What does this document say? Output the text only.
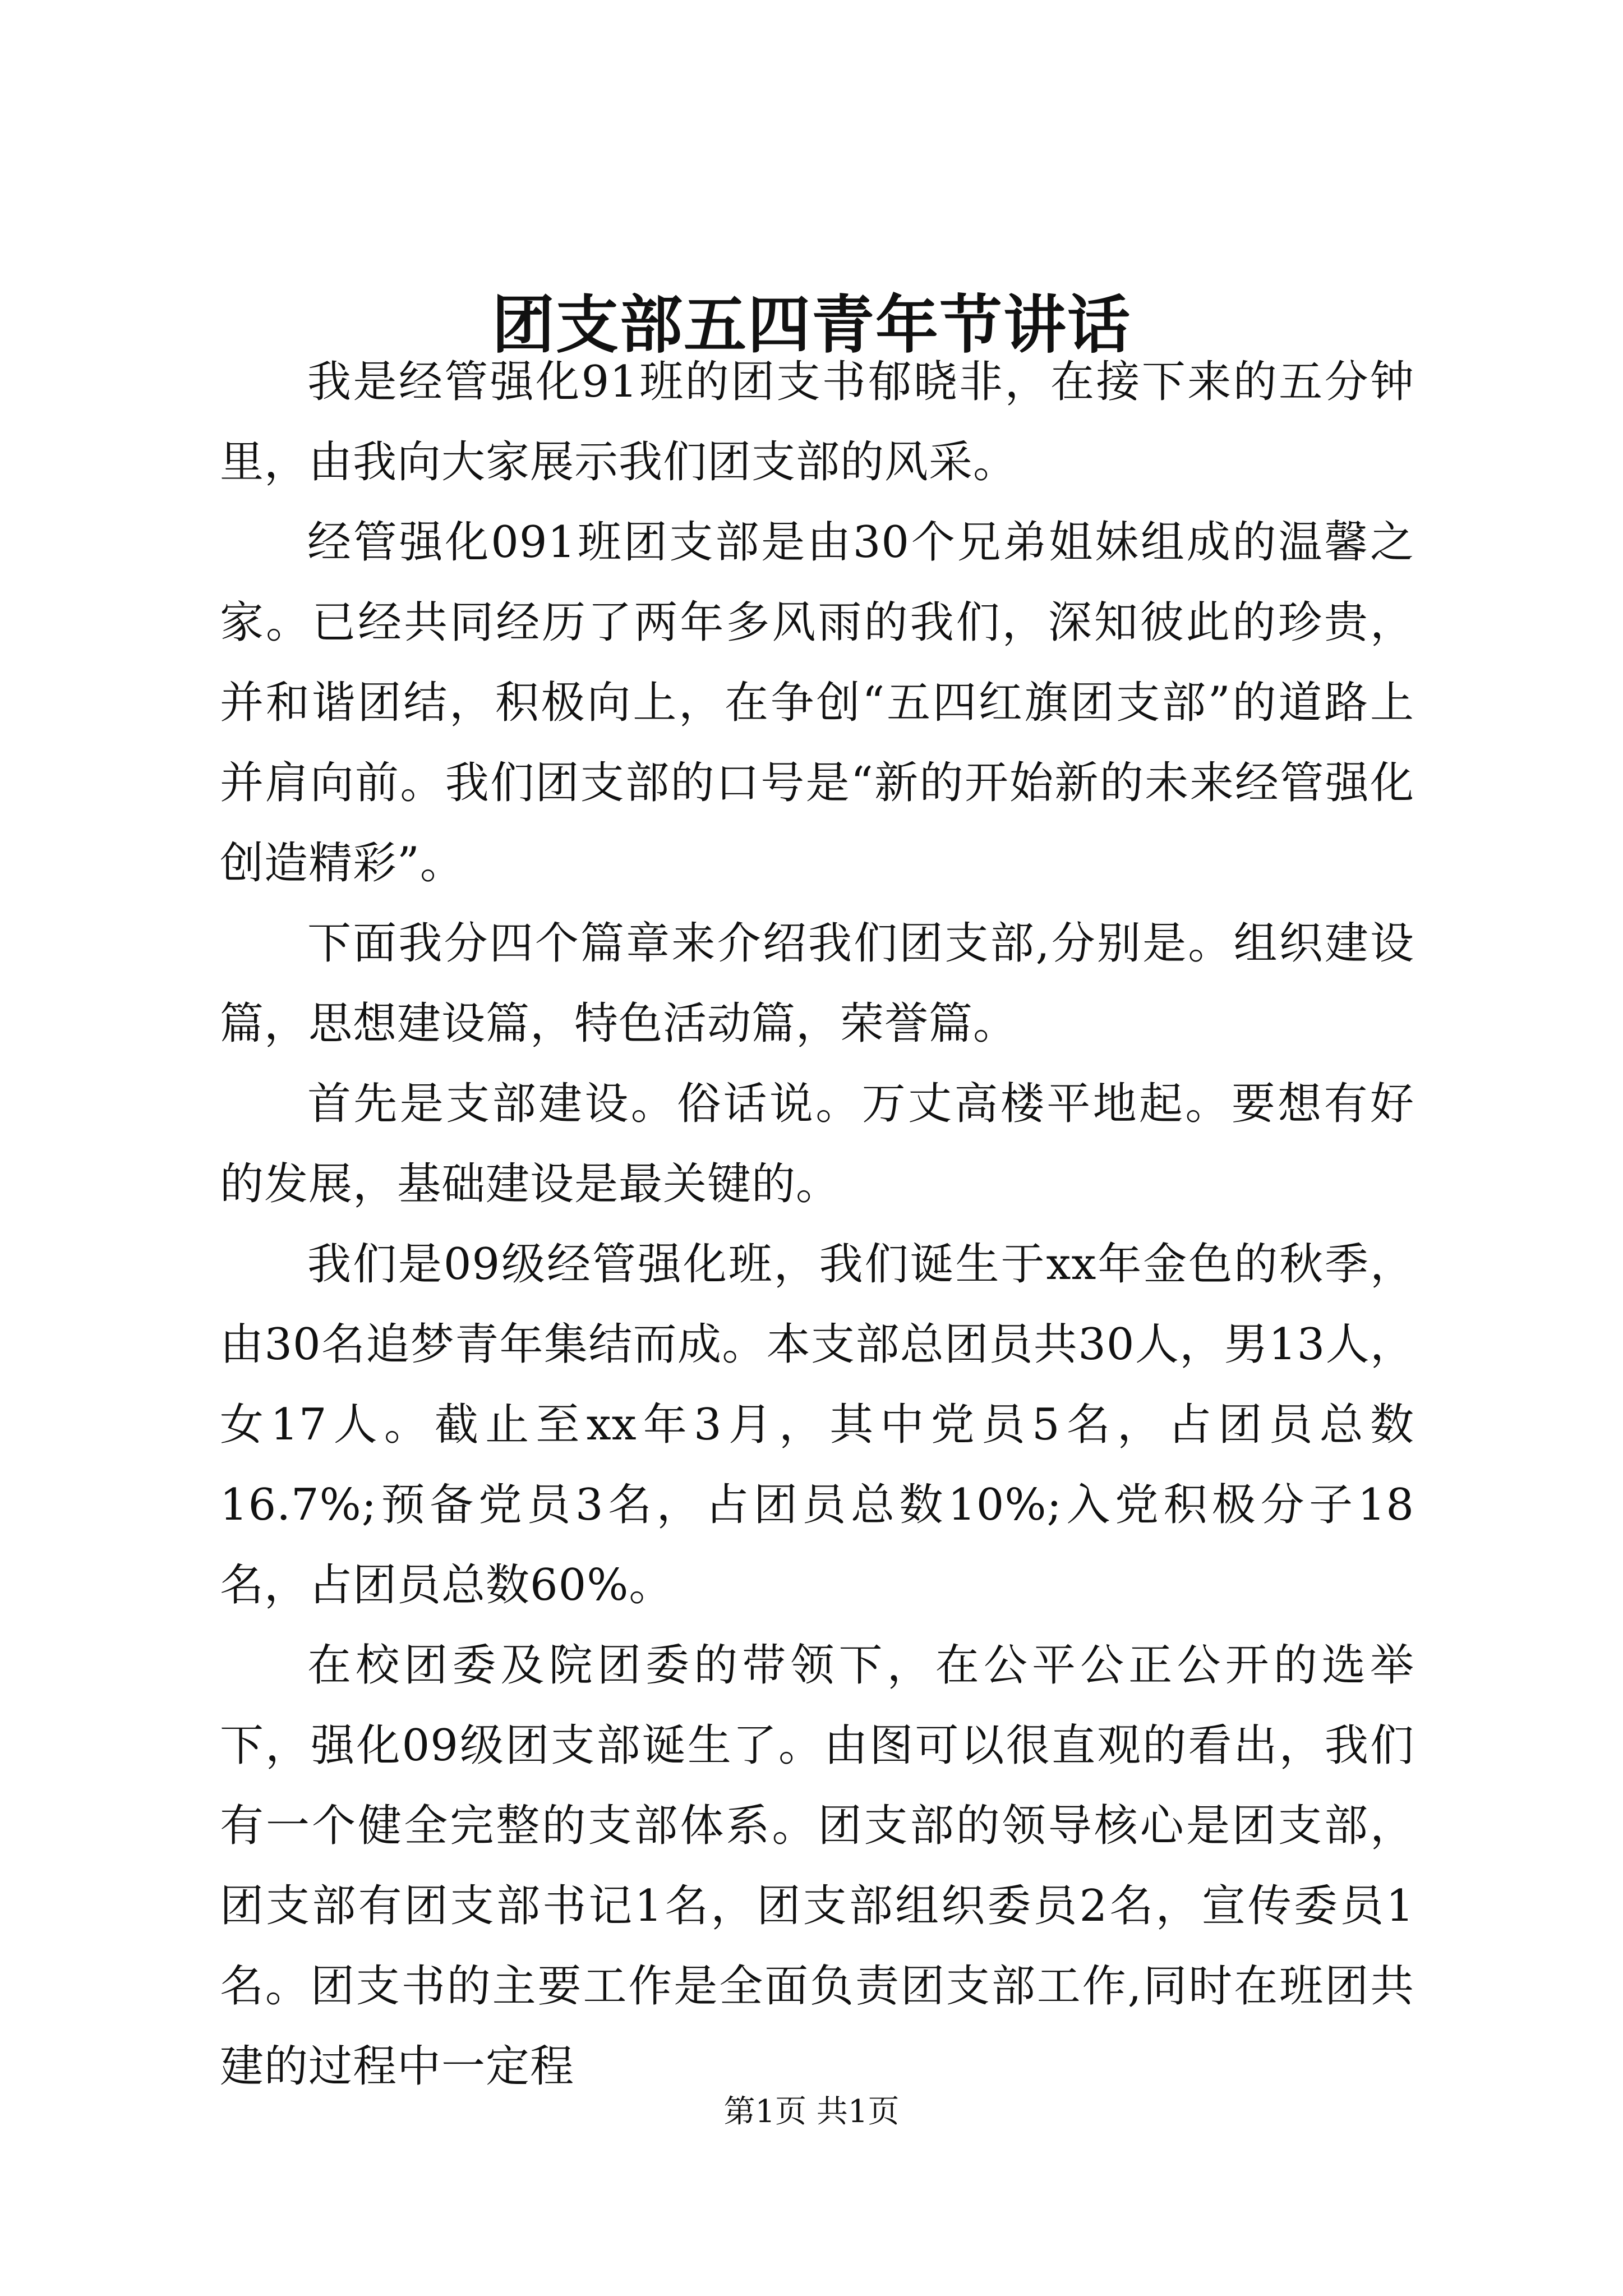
团支部五四青年节讲话

我是经管强化91班的团支书郁晓非，在接下来的五分钟里，由我向大家展示我们团支部的风采。

经管强化091班团支部是由30个兄弟姐妹组成的温馨之家。已经共同经历了两年多风雨的我们，深知彼此的珍贵，并和谐团结，积极向上，在争创“五四红旗团支部”的道路上并肩向前。我们团支部的口号是“新的开始新的未来经管强化创造精彩”。

下面我分四个篇章来介绍我们团支部,分别是。组织建设篇，思想建设篇，特色活动篇，荣誉篇。

首先是支部建设。俗话说。万丈高楼平地起。要想有好的发展，基础建设是最关键的。

我们是09级经管强化班，我们诞生于xx年金色的秋季，由30名追梦青年集结而成。本支部总团员共30人，男13人，女17人。截止至xx年3月，其中党员5名，占团员总数16.7%;预备党员3名，占团员总数10%;入党积极分子18名，占团员总数60%。

在校团委及院团委的带领下，在公平公正公开的选举下，强化09级团支部诞生了。由图可以很直观的看出，我们有一个健全完整的支部体系。团支部的领导核心是团支部，团支部有团支部书记1名，团支部组织委员2名，宣传委员1名。团支书的主要工作是全面负责团支部工作,同时在班团共建的过程中一定程

第1页 共1页
